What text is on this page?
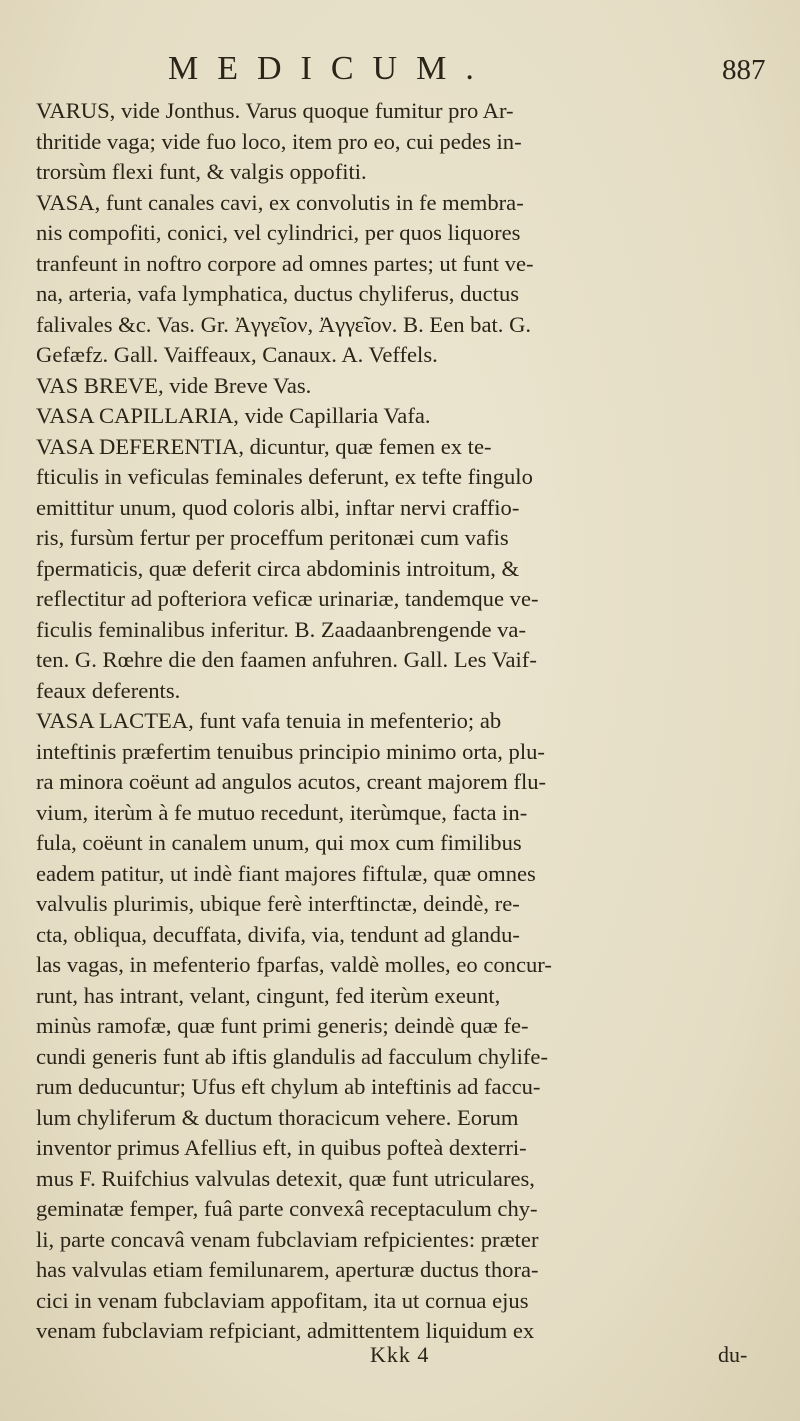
MEDICUM.	887
VARUS, vide Jonthus. Varus quoque fumitur pro Ar-
thritide vaga; vide fuo loco, item pro eo, cui pedes in-
trorsùm flexi funt, & valgis oppofiti.
VASA, funt canales cavi, ex convolutis in fe membra-
nis compofiti, conici, vel cylindrici, per quos liquores
tranfeunt in noftro corpore ad omnes partes; ut funt ve-
na, arteria, vafa lymphatica, ductus chyliferus, ductus
falivales &c. Vas. Gr. Ἀγγεῖον, Ἀγγεῖον. B. Een bat. G.
Gefæfz. Gall. Vaiffeaux, Canaux. A. Veffels.
VAS BREVE, vide Breve Vas.
VASA CAPILLARIA, vide Capillaria Vafa.
VASA DEFERENTIA, dicuntur, quæ femen ex te-
fticulis in veficulas feminales deferunt, ex tefte fingulo
emittitur unum, quod coloris albi, inftar nervi craffio-
ris, fursùm fertur per proceffum peritonæi cum vafis
fpermaticis, quæ deferit circa abdominis introitum, &
reflectitur ad pofteriora veficæ urinariæ, tandemque ve-
ficulis feminalibus inferitur. B. Zaadaanbrengende va-
ten. G. Rœhre die den faamen anfuhren. Gall. Les Vaif-
feaux deferents.
VASA LACTEA, funt vafa tenuia in mefenterio; ab
inteftinis præfertim tenuibus principio minimo orta, plu-
ra minora coëunt ad angulos acutos, creant majorem flu-
vium, iterùm à fe mutuo recedunt, iterùmque, facta in-
fula, coëunt in canalem unum, qui mox cum fimilibus
eadem patitur, ut indè fiant majores fiftulæ, quæ omnes
valvulis plurimis, ubique ferè interftinctæ, deindè, re-
cta, obliqua, decuffata, divifa, via, tendunt ad glandu-
las vagas, in mefenterio fparfas, valdè molles, eo concur-
runt, has intrant, velant, cingunt, fed iterùm exeunt,
minùs ramofæ, quæ funt primi generis; deindè quæ fe-
cundi generis funt ab iftis glandulis ad facculum chylife-
rum deducuntur; Ufus eft chylum ab inteftinis ad faccu-
lum chyliferum & ductum thoracicum vehere. Eorum
inventor primus Afellius eft, in quibus pofteà dexterri-
mus F. Ruifchius valvulas detexit, quæ funt utriculares,
geminatæ femper, fuâ parte convexâ receptaculum chy-
li, parte concavâ venam fubclaviam refpicientes: præter
has valvulas etiam femilunarem, aperturæ ductus thora-
cici in venam fubclaviam appofitam, ita ut cornua ejus
venam fubclaviam refpiciant, admittentem liquidum ex
Kkk 4	du-
